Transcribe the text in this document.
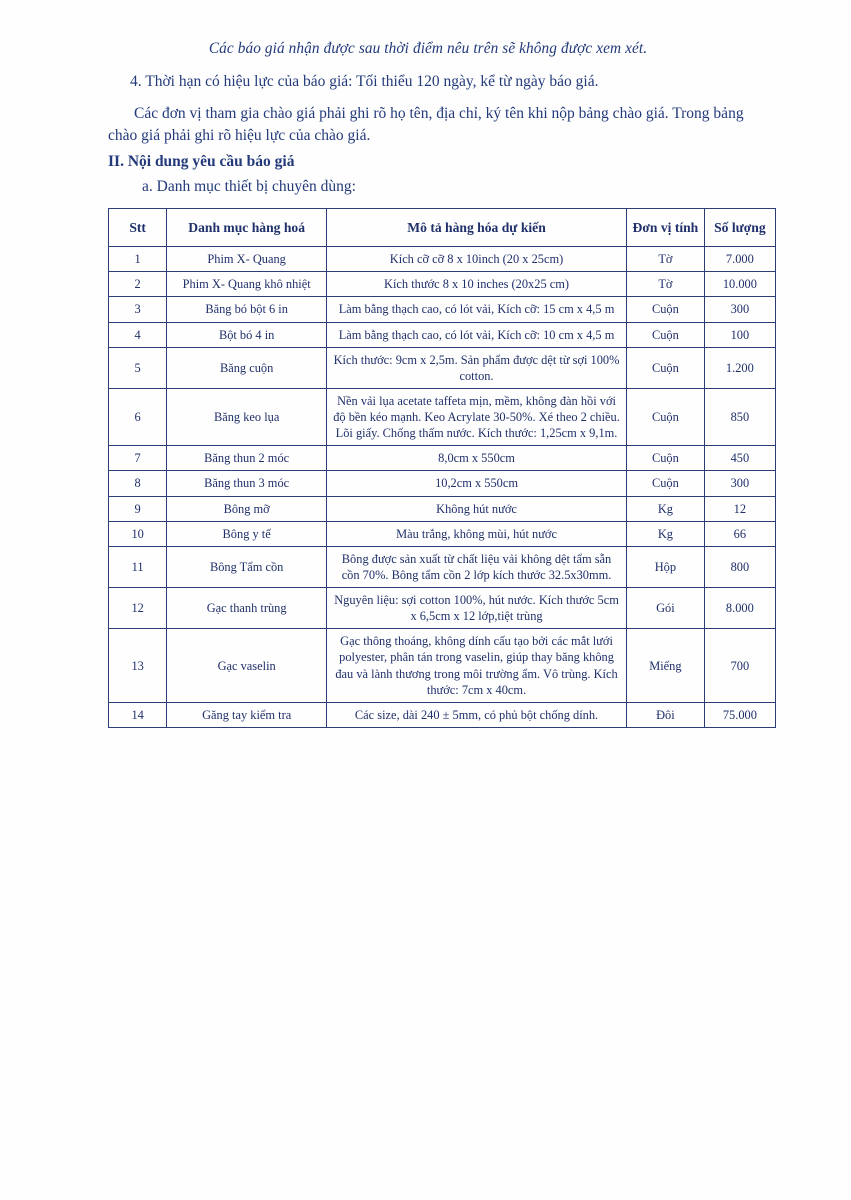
Các báo giá nhận được sau thời điểm nêu trên sẽ không được xem xét.

4. Thời hạn có hiệu lực của báo giá: Tối thiểu 120 ngày, kể từ ngày báo giá.

Các đơn vị tham gia chào giá phải ghi rõ họ tên, địa chỉ, ký tên khi nộp bảng chào giá. Trong bảng chào giá phải ghi rõ hiệu lực của chào giá.

II. Nội dung yêu cầu báo giá

a. Danh mục thiết bị chuyên dùng:

Stt	Danh mục hàng hoá	Mô tả hàng hóa dự kiến	Đơn vị tính	Số lượng
1	Phim X- Quang	Kích cỡ cỡ 8 x 10inch (20 x 25cm)	Tờ	7.000
2	Phim X- Quang khô nhiệt	Kích thước 8 x 10 inches (20x25 cm)	Tờ	10.000
3	Băng bó bột 6 in	Làm bằng thạch cao, có lót vải, Kích cỡ: 15 cm x 4,5 m	Cuộn	300
4	Bột bó 4 in	Làm bằng thạch cao, có lót vải, Kích cỡ: 10 cm x 4,5 m	Cuộn	100
5	Băng cuộn	Kích thước: 9cm x 2,5m. Sản phẩm được dệt từ sợi 100% cotton.	Cuộn	1.200
6	Băng keo lụa	Nền vải lụa acetate taffeta mịn, mềm, không đàn hồi với độ bền kéo mạnh. Keo Acrylate 30-50%. Xé theo 2 chiều. Lõi giấy. Chống thấm nước. Kích thước: 1,25cm x 9,1m.	Cuộn	850
7	Băng thun 2 móc	8,0cm x 550cm	Cuộn	450
8	Băng thun 3 móc	10,2cm x 550cm	Cuộn	300
9	Bông mỡ	Không hút nước	Kg	12
10	Bông y tế	Màu trắng, không mùi, hút nước	Kg	66
11	Bông Tẩm cồn	Bông được sản xuất từ chất liệu vải không dệt tẩm sẵn cồn 70%. Bông tẩm cồn 2 lớp kích thước 32.5x30mm.	Hộp	800
12	Gạc thanh trùng	Nguyên liệu: sợi cotton 100%, hút nước. Kích thước 5cm x 6,5cm x 12 lớp,tiệt trùng	Gói	8.000
13	Gạc vaselin	Gạc thông thoáng, không dính cấu tạo bởi các mắt lưới polyester, phân tán trong vaselin, giúp thay băng không đau và lành thương trong môi trường ẩm. Vô trùng. Kích thước: 7cm x 40cm.	Miếng	700
14	Găng tay kiểm tra	Các size, dài 240 ± 5mm, có phủ bột chống dính.	Đôi	75.000
